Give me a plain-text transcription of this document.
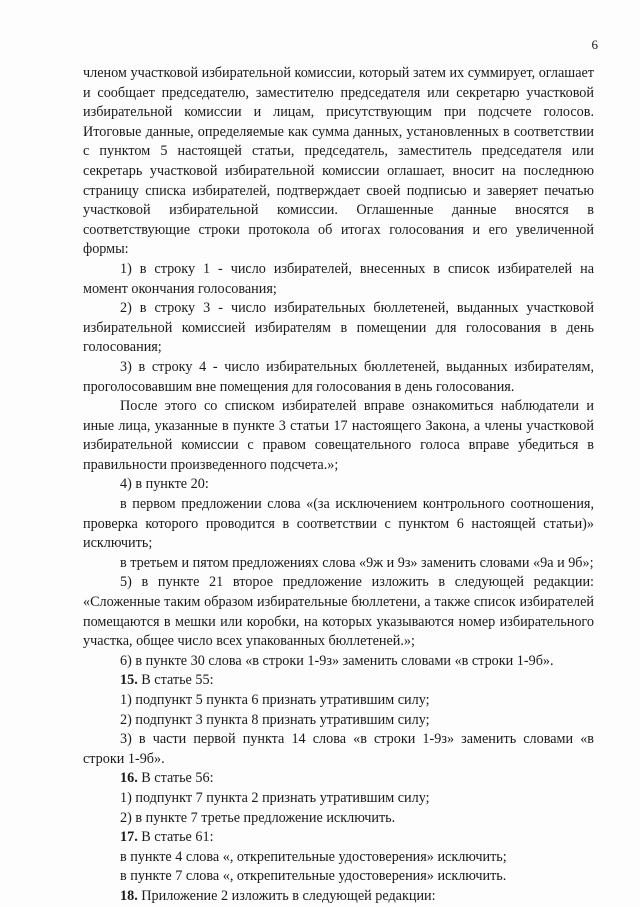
6

членом участковой избирательной комиссии, который затем их суммирует, оглашает и сообщает председателю, заместителю председателя или секретарю участковой избирательной комиссии и лицам, присутствующим при подсчете голосов. Итоговые данные, определяемые как сумма данных, установленных в соответствии с пунктом 5 настоящей статьи, председатель, заместитель председателя или секретарь участковой избирательной комиссии оглашает, вносит на последнюю страницу списка избирателей, подтверждает своей подписью и заверяет печатью участковой избирательной комиссии. Оглашенные данные вносятся в соответствующие строки протокола об итогах голосования и его увеличенной формы:

1) в строку 1 - число избирателей, внесенных в список избирателей на момент окончания голосования;

2) в строку 3 - число избирательных бюллетеней, выданных участковой избирательной комиссией избирателям в помещении для голосования в день голосования;

3) в строку 4 - число избирательных бюллетеней, выданных избирателям, проголосовавшим вне помещения для голосования в день голосования.

После этого со списком избирателей вправе ознакомиться наблюдатели и иные лица, указанные в пункте 3 статьи 17 настоящего Закона, а члены участковой избирательной комиссии с правом совещательного голоса вправе убедиться в правильности произведенного подсчета.»;

4) в пункте 20:

в первом предложении слова «(за исключением контрольного соотношения, проверка которого проводится в соответствии с пунктом 6 настоящей статьи)» исключить;

в третьем и пятом предложениях слова «9ж и 9з» заменить словами «9а и 9б»;

5) в пункте 21 второе предложение изложить в следующей редакции: «Сложенные таким образом избирательные бюллетени, а также список избирателей помещаются в мешки или коробки, на которых указываются номер избирательного участка, общее число всех упакованных бюллетеней.»;

6) в пункте 30 слова «в строки 1-9з» заменить словами «в строки 1-9б».

15. В статье 55:

1) подпункт 5 пункта 6 признать утратившим силу;

2) подпункт 3 пункта 8 признать утратившим силу;

3) в части первой пункта 14 слова «в строки 1-9з» заменить словами «в строки 1-9б».

16. В статье 56:

1) подпункт 7 пункта 2 признать утратившим силу;

2) в пункте 7 третье предложение исключить.

17. В статье 61:

в пункте 4 слова «, открепительные удостоверения» исключить;

в пункте 7 слова «, открепительные удостоверения» исключить.

18. Приложение 2 изложить в следующей редакции:
